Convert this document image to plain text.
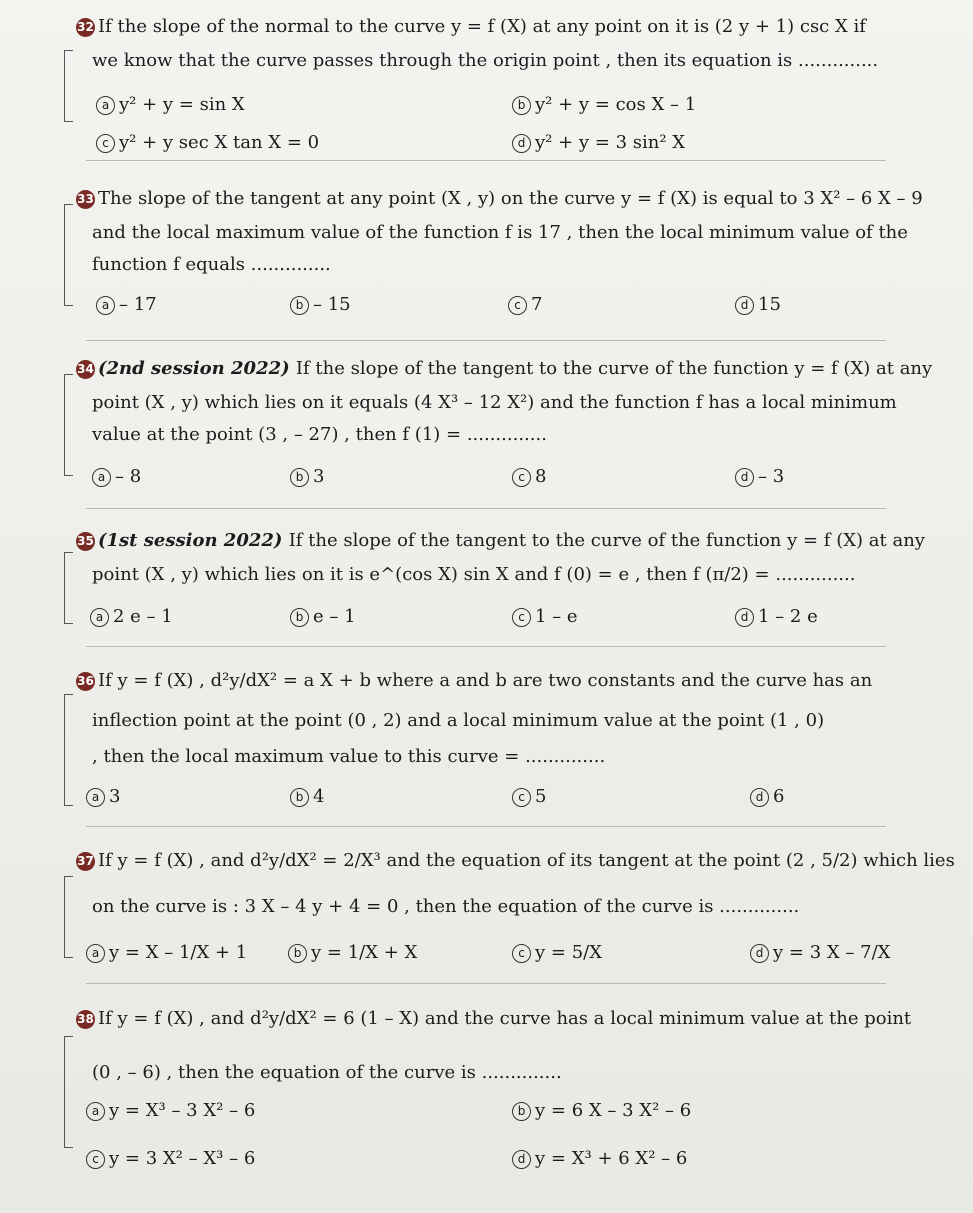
32 If the slope of the normal to the curve y = f (X) at any point on it is (2 y + 1) csc X if
we know that the curve passes through the origin point , then its equation is ..............
a y² + y = sin X	b y² + y = cos X – 1
c y² + y sec X tan X = 0	d y² + y = 3 sin² X
33 The slope of the tangent at any point (X , y) on the curve y = f (X) is equal to 3 X² – 6 X – 9
and the local maximum value of the function f is 17 , then the local minimum value of the
function f equals ..............
a – 17	b – 15	c 7	d 15
34 (2nd session 2022) If the slope of the tangent to the curve of the function y = f (X) at any
point (X , y) which lies on it equals (4 X³ – 12 X²) and the function f has a local minimum
value at the point (3 , – 27) , then f (1) = ..............
a – 8	b 3	c 8	d – 3
35 (1st session 2022) If the slope of the tangent to the curve of the function y = f (X) at any
point (X , y) which lies on it is e^(cos X) sin X and f (0) = e , then f (π/2) = ..............
a 2 e – 1	b e – 1	c 1 – e	d 1 – 2 e
36 If y = f (X) , d²y/dX² = a X + b where a and b are two constants and the curve has an
inflection point at the point (0 , 2) and a local minimum value at the point (1 , 0)
, then the local maximum value to this curve = ..............
a 3	b 4	c 5	d 6
37 If y = f (X) , and d²y/dX² = 2/X³ and the equation of its tangent at the point (2 , 5/2) which lies
on the curve is : 3 X – 4 y + 4 = 0 , then the equation of the curve is ..............
a y = X – 1/X + 1	b y = 1/X + X	c y = 5/X	d y = 3 X – 7/X
38 If y = f (X) , and d²y/dX² = 6 (1 – X) and the curve has a local minimum value at the point
(0 , – 6) , then the equation of the curve is ..............
a y = X³ – 3 X² – 6	b y = 6 X – 3 X² – 6
c y = 3 X² – X³ – 6	d y = X³ + 6 X² – 6
